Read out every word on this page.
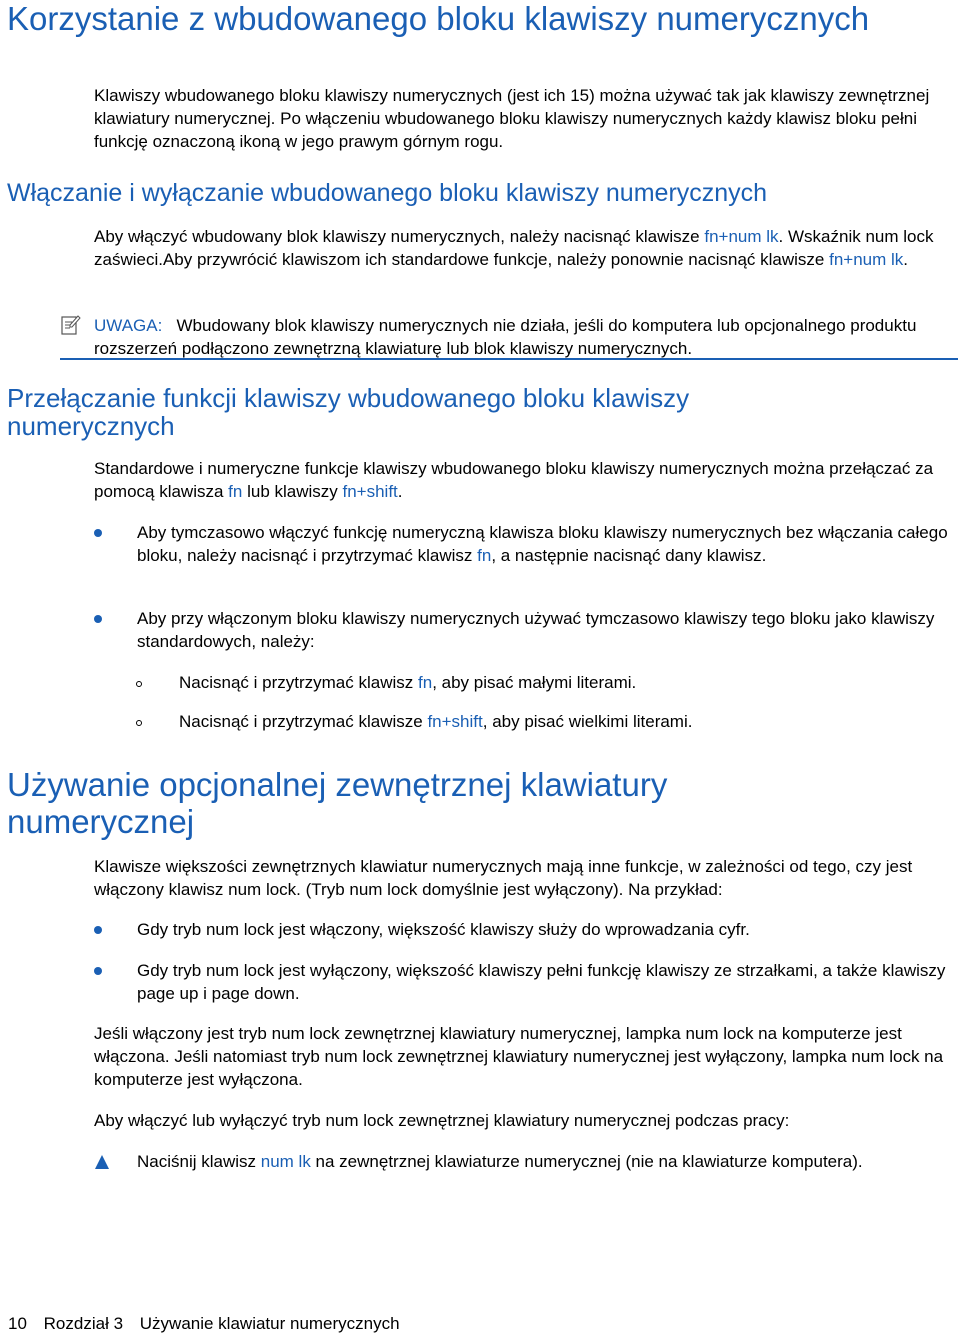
Korzystanie z wbudowanego bloku klawiszy numerycznych

Klawiszy wbudowanego bloku klawiszy numerycznych (jest ich 15) można używać tak jak klawiszy zewnętrznej klawiatury numerycznej. Po włączeniu wbudowanego bloku klawiszy numerycznych każdy klawisz bloku pełni funkcję oznaczoną ikoną w jego prawym górnym rogu.

Włączanie i wyłączanie wbudowanego bloku klawiszy numerycznych

Aby włączyć wbudowany blok klawiszy numerycznych, należy nacisnąć klawisze fn+num lk. Wskaźnik num lock zaświeci.Aby przywrócić klawiszom ich standardowe funkcje, należy ponownie nacisnąć klawisze fn+num lk.

UWAGA: Wbudowany blok klawiszy numerycznych nie działa, jeśli do komputera lub opcjonalnego produktu rozszerzeń podłączono zewnętrzną klawiaturę lub blok klawiszy numerycznych.

Przełączanie funkcji klawiszy wbudowanego bloku klawiszy numerycznych

Standardowe i numeryczne funkcje klawiszy wbudowanego bloku klawiszy numerycznych można przełączać za pomocą klawisza fn lub klawiszy fn+shift.

Aby tymczasowo włączyć funkcję numeryczną klawisza bloku klawiszy numerycznych bez włączania całego bloku, należy nacisnąć i przytrzymać klawisz fn, a następnie nacisnąć dany klawisz.
Aby przy włączonym bloku klawiszy numerycznych używać tymczasowo klawiszy tego bloku jako klawiszy standardowych, należy:
Nacisnąć i przytrzymać klawisz fn, aby pisać małymi literami.
Nacisnąć i przytrzymać klawisze fn+shift, aby pisać wielkimi literami.
Używanie opcjonalnej zewnętrznej klawiatury numerycznej

Klawisze większości zewnętrznych klawiatur numerycznych mają inne funkcje, w zależności od tego, czy jest włączony klawisz num lock. (Tryb num lock domyślnie jest wyłączony). Na przykład:

Gdy tryb num lock jest włączony, większość klawiszy służy do wprowadzania cyfr.
Gdy tryb num lock jest wyłączony, większość klawiszy pełni funkcję klawiszy ze strzałkami, a także klawiszy page up i page down.

Jeśli włączony jest tryb num lock zewnętrznej klawiatury numerycznej, lampka num lock na komputerze jest włączona. Jeśli natomiast tryb num lock zewnętrznej klawiatury numerycznej jest wyłączony, lampka num lock na komputerze jest wyłączona.

Aby włączyć lub wyłączyć tryb num lock zewnętrznej klawiatury numerycznej podczas pracy:

Naciśnij klawisz num lk na zewnętrznej klawiaturze numerycznej (nie na klawiaturze komputera).
10 Rozdział 3 Używanie klawiatur numerycznych
